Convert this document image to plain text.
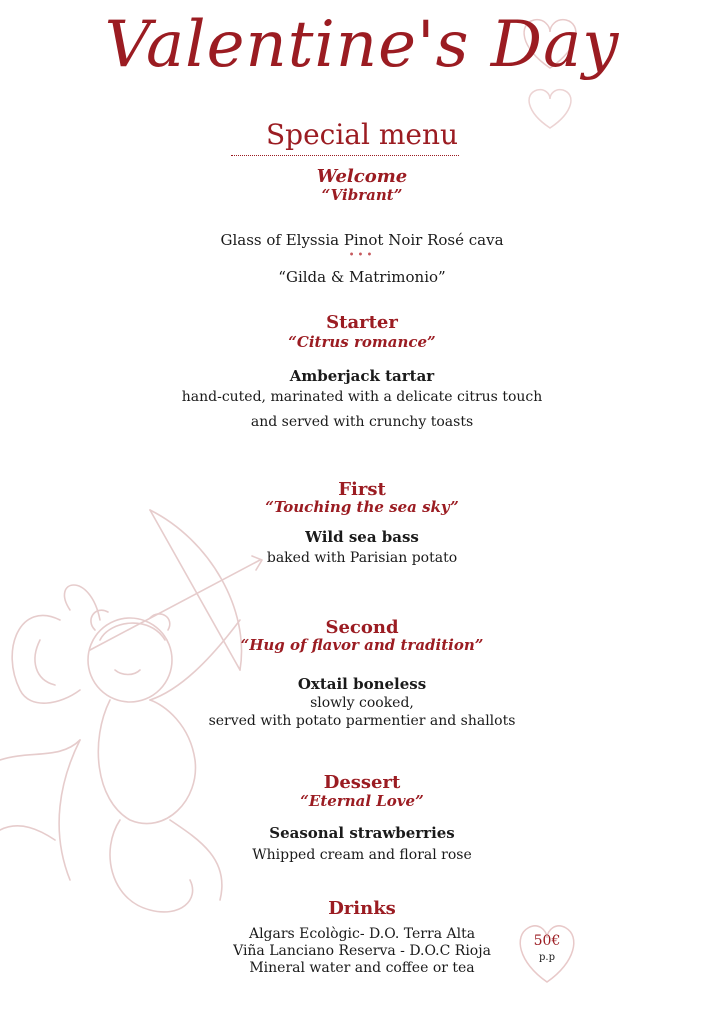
Valentine's Day
Special menu
Welcome
“Vibrant”
Glass of Elyssia Pinot Noir Rosé cava
•••
“Gilda & Matrimonio”
Starter
“Citrus romance”
Amberjack tartar
hand-cuted, marinated with a delicate citrus touch
and served with crunchy toasts
First
“Touching the sea sky”
Wild sea bass
baked with Parisian potato
Second
“Hug of flavor and tradition”
Oxtail boneless
slowly cooked,
served with potato parmentier and shallots
Dessert
“Eternal Love”
Seasonal strawberries
Whipped cream and floral rose
Drinks
Algars Ecològic- D.O. Terra Alta
Viña Lanciano Reserva - D.O.C Rioja
Mineral water and coffee or tea
50€
p.p
